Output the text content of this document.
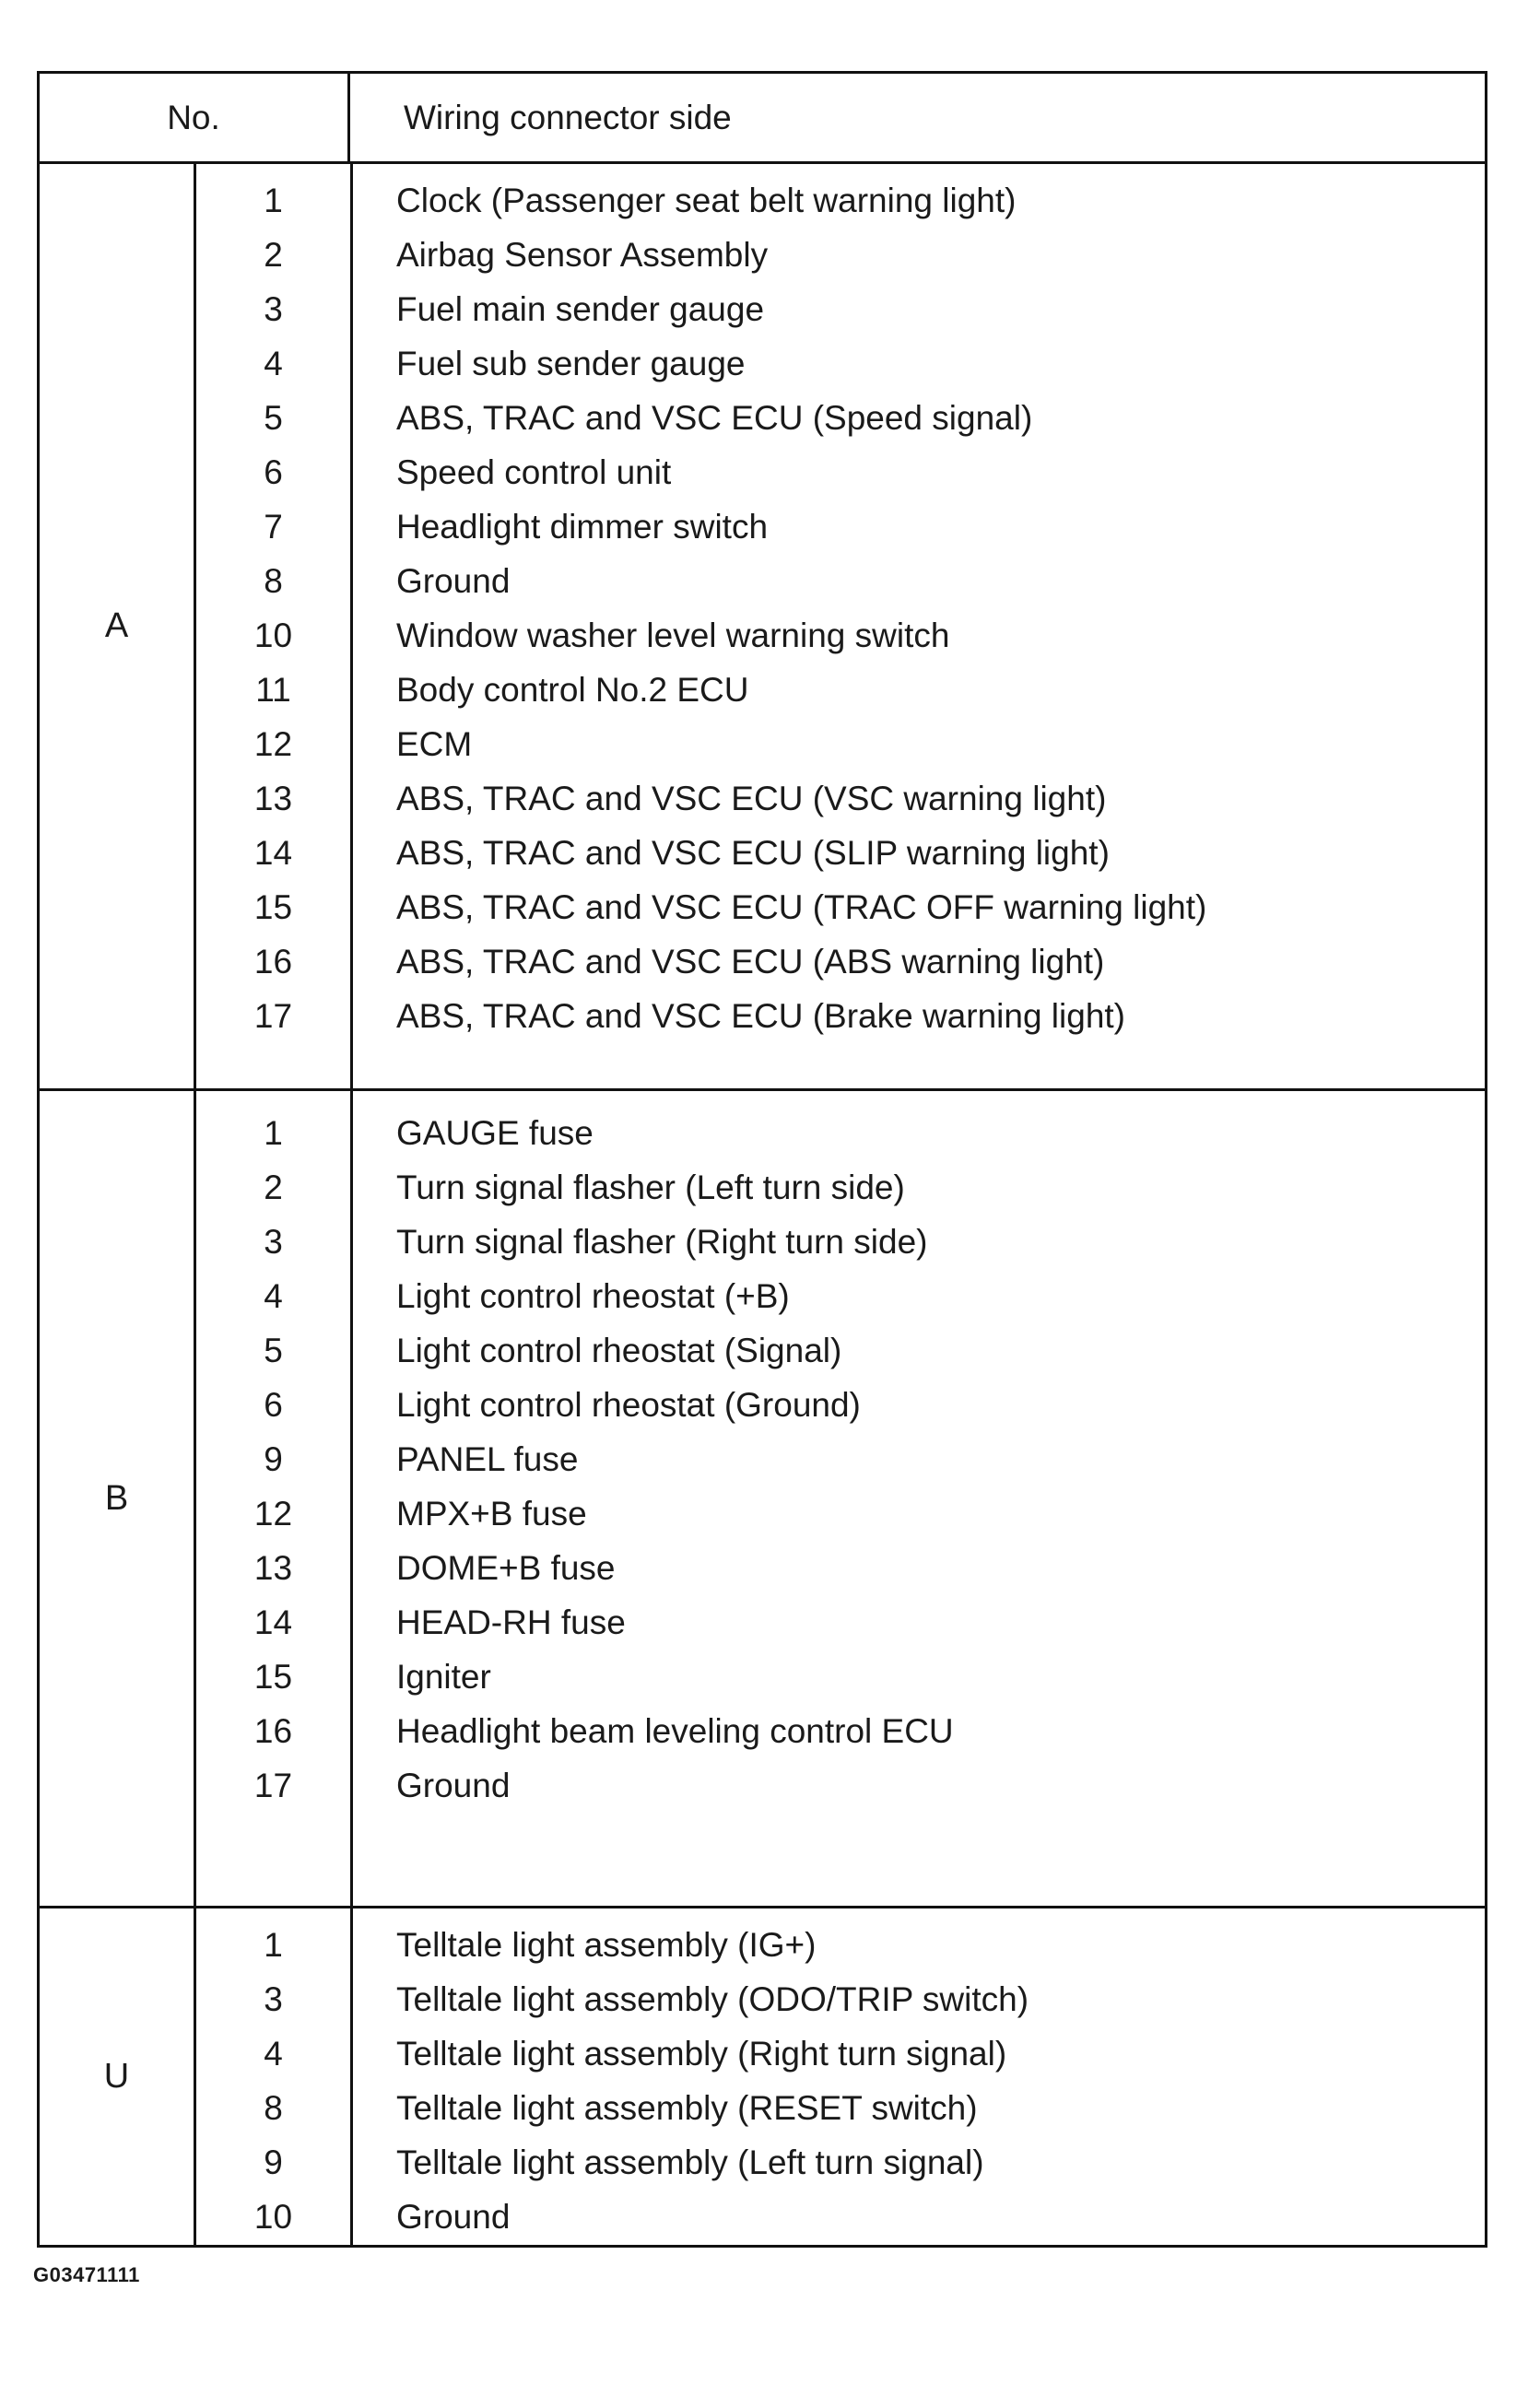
No.	Wiring connector side
A
1	Clock (Passenger seat belt warning light)
2	Airbag Sensor Assembly
3	Fuel main sender gauge
4	Fuel sub sender gauge
5	ABS, TRAC and VSC ECU (Speed signal)
6	Speed control unit
7	Headlight dimmer switch
8	Ground
10	Window washer level warning switch
11	Body control No.2 ECU
12	ECM
13	ABS, TRAC and VSC ECU (VSC warning light)
14	ABS, TRAC and VSC ECU (SLIP warning light)
15	ABS, TRAC and VSC ECU (TRAC OFF warning light)
16	ABS, TRAC and VSC ECU (ABS warning light)
17	ABS, TRAC and VSC ECU (Brake warning light)
B
1	GAUGE fuse
2	Turn signal flasher (Left turn side)
3	Turn signal flasher (Right turn side)
4	Light control rheostat (+B)
5	Light control rheostat (Signal)
6	Light control rheostat (Ground)
9	PANEL fuse
12	MPX+B fuse
13	DOME+B fuse
14	HEAD-RH fuse
15	Igniter
16	Headlight beam leveling control ECU
17	Ground
U
1	Telltale light assembly (IG+)
3	Telltale light assembly (ODO/TRIP switch)
4	Telltale light assembly (Right turn signal)
8	Telltale light assembly (RESET switch)
9	Telltale light assembly (Left turn signal)
10	Ground
G03471111
